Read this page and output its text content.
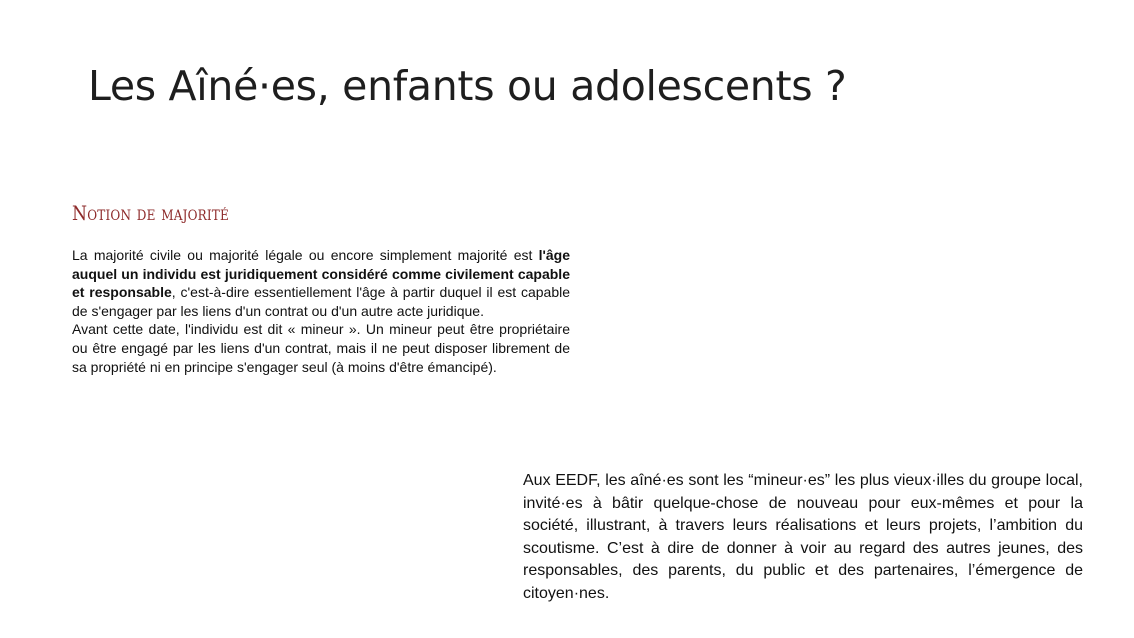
Les Aîné·es, enfants ou adolescents ?
Notion de majorité

La majorité civile ou majorité légale ou encore simplement majorité est l'âge auquel un individu est juridiquement considéré comme civilement capable et responsable, c'est-à-dire essentiellement l'âge à partir duquel il est capable de s'engager par les liens d'un contrat ou d'un autre acte juridique.

Avant cette date, l'individu est dit « mineur ». Un mineur peut être propriétaire ou être engagé par les liens d'un contrat, mais il ne peut disposer librement de sa propriété ni en principe s'engager seul (à moins d'être émancipé).

Aux EEDF, les aîné·es sont les “mineur·es” les plus vieux·illes du groupe local, invité·es à bâtir quelque-chose de nouveau pour eux-mêmes et pour la société, illustrant, à travers leurs réalisations et leurs projets, l’ambition du scoutisme. C’est à dire de donner à voir au regard des autres jeunes, des responsables, des parents, du public et des partenaires, l’émergence de citoyen·nes.
